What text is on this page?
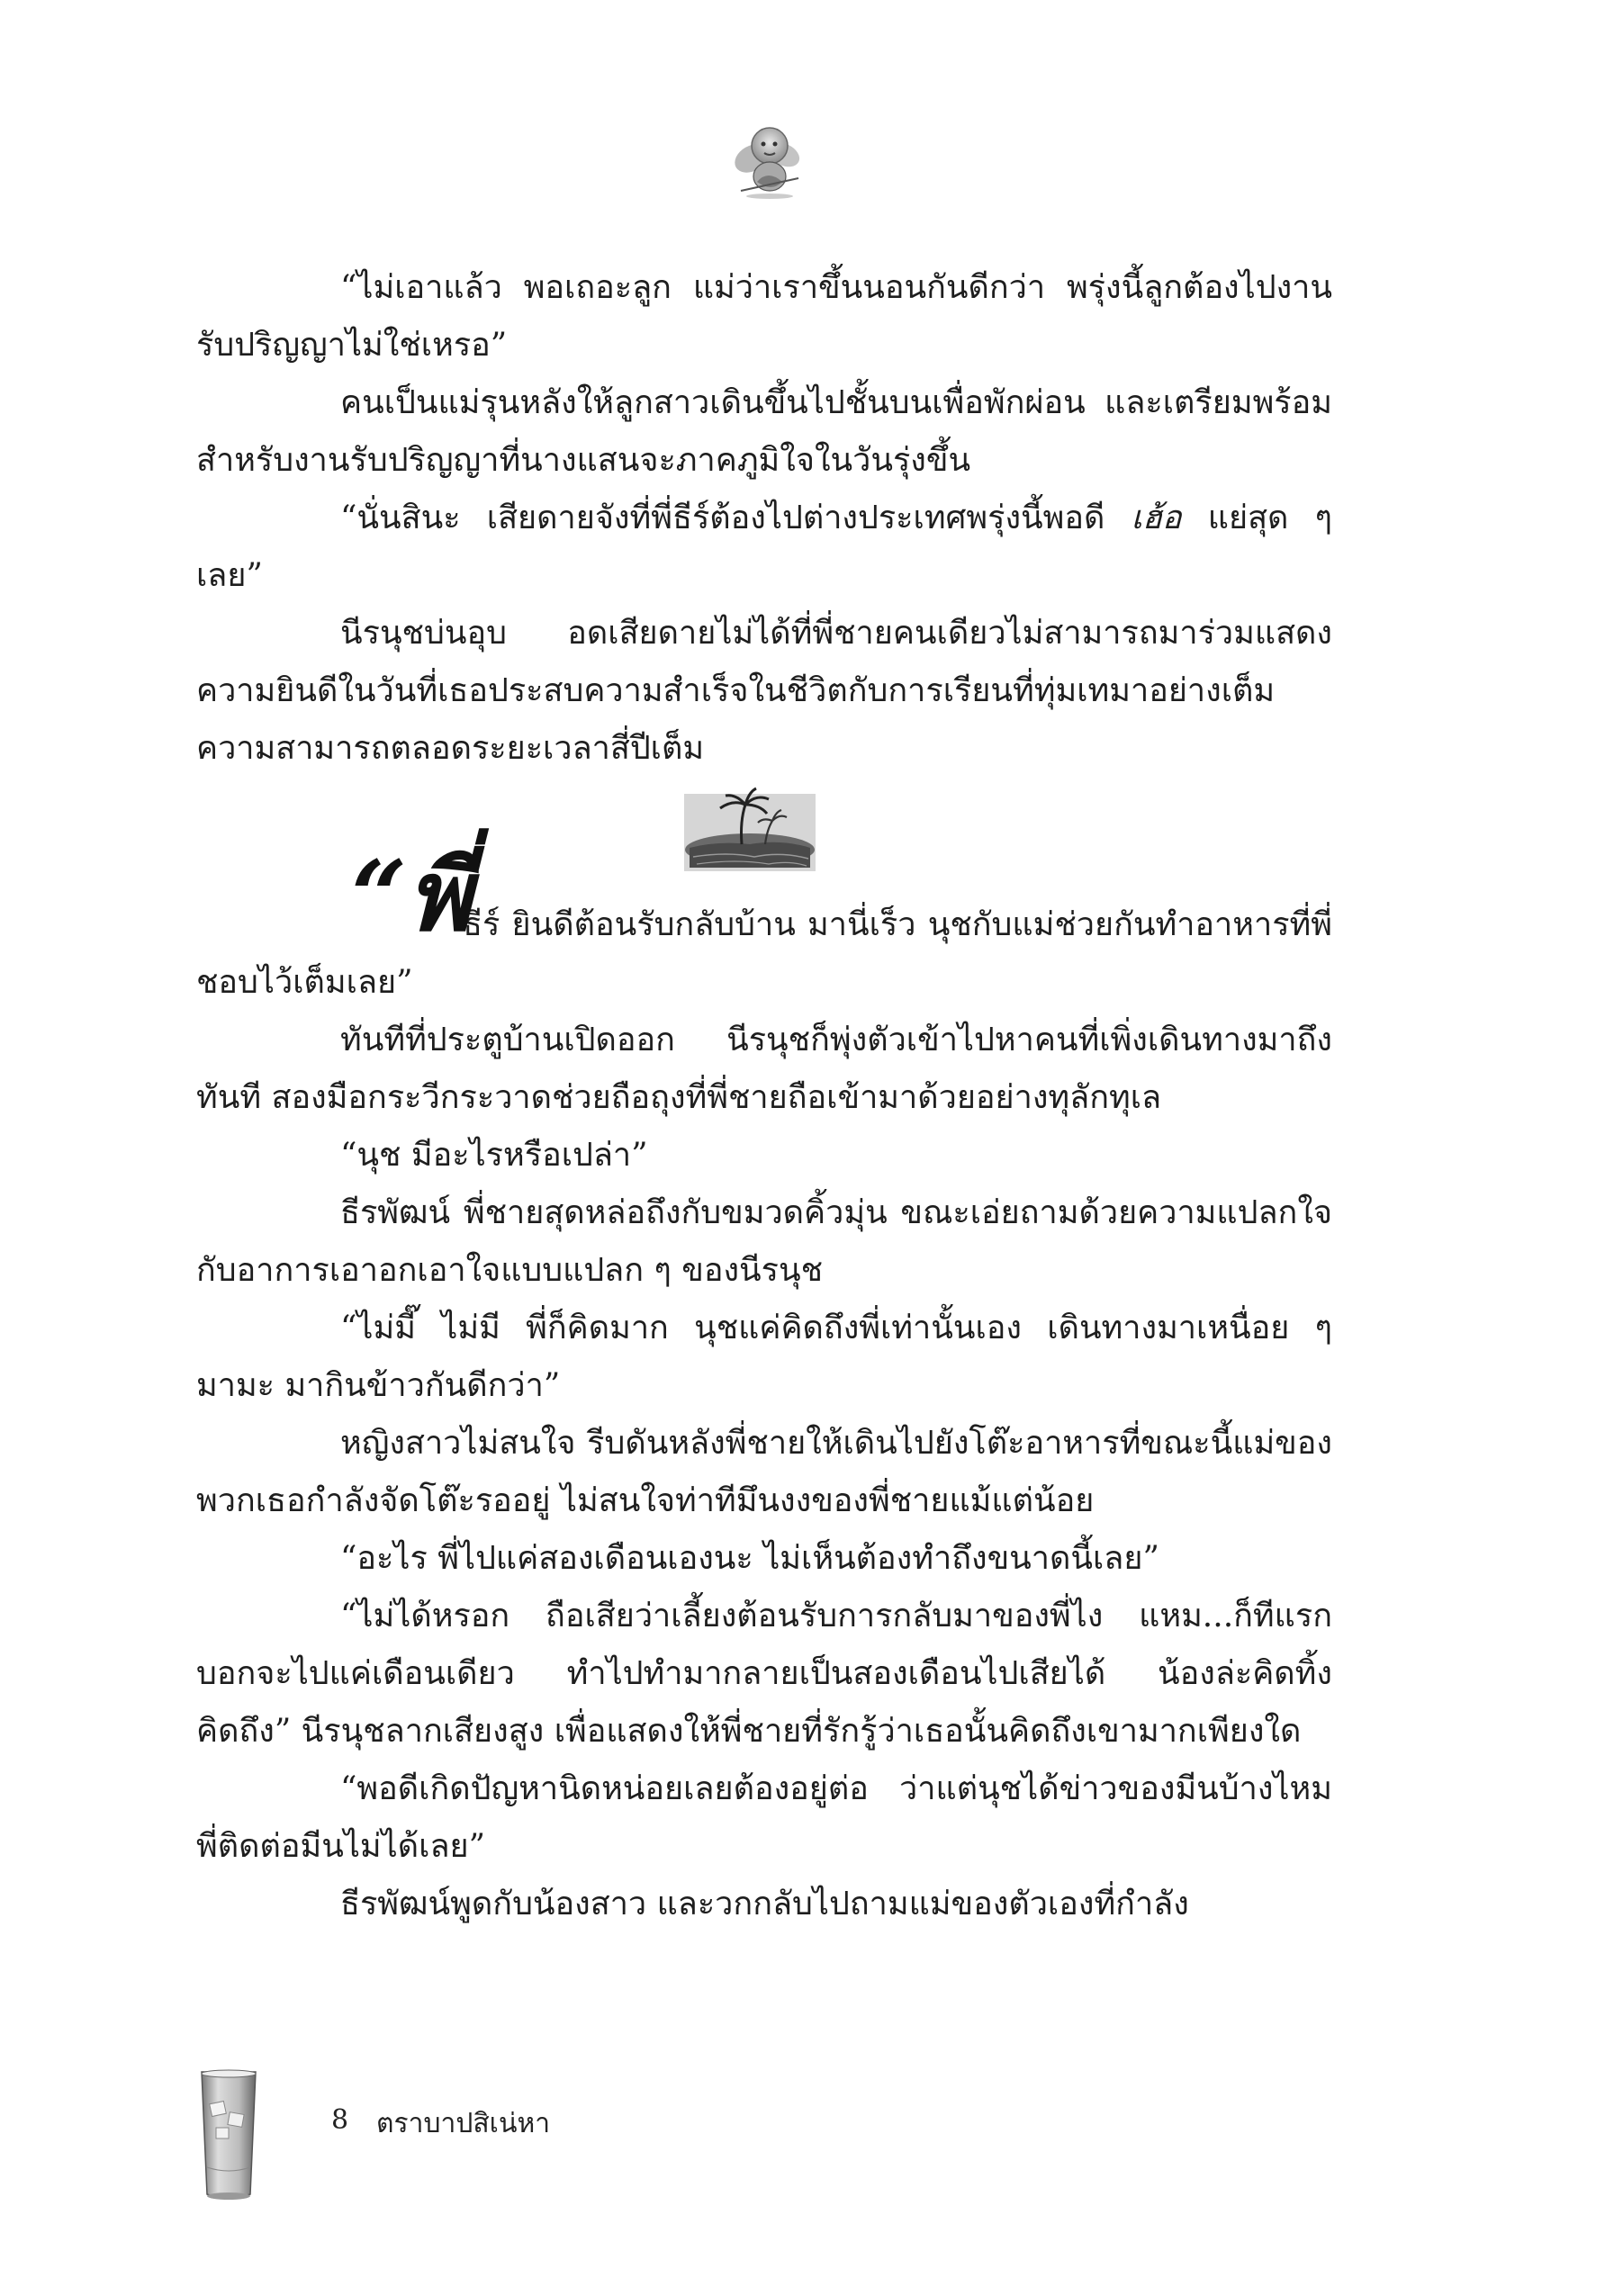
“ไม่เอาแล้ว พอเถอะลูก แม่ว่าเราขึ้นนอนกันดีกว่า พรุ่งนี้ลูกต้องไปงานรับปริญญาไม่ใช่เหรอ”

คนเป็นแม่รุนหลังให้ลูกสาวเดินขึ้นไปชั้นบนเพื่อพักผ่อน และเตรียมพร้อมสำหรับงานรับปริญญาที่นางแสนจะภาคภูมิใจในวันรุ่งขึ้น

“นั่นสินะ เสียดายจังที่พี่ธีร์ต้องไปต่างประเทศพรุ่งนี้พอดี เฮ้อ แย่สุด ๆ เลย”

นีรนุชบ่นอุบ อดเสียดายไม่ได้ที่พี่ชายคนเดียวไม่สามารถมาร่วมแสดงความยินดีในวันที่เธอประสบความสำเร็จในชีวิตกับการเรียนที่ทุ่มเทมาอย่างเต็มความสามารถตลอดระยะเวลาสี่ปีเต็ม

“พี่

ธีร์ ยินดีต้อนรับกลับบ้าน มานี่เร็ว นุชกับแม่ช่วยกันทำอาหารที่พี่ชอบไว้เต็มเลย”

ทันทีที่ประตูบ้านเปิดออก นีรนุชก็พุ่งตัวเข้าไปหาคนที่เพิ่งเดินทางมาถึงทันที สองมือกระวีกระวาดช่วยถือถุงที่พี่ชายถือเข้ามาด้วยอย่างทุลักทุเล

“นุช มีอะไรหรือเปล่า”

ธีรพัฒน์ พี่ชายสุดหล่อถึงกับขมวดคิ้วมุ่น ขณะเอ่ยถามด้วยความแปลกใจกับอาการเอาอกเอาใจแบบแปลก ๆ ของนีรนุช

“ไม่มี๊ ไม่มี พี่ก็คิดมาก นุชแค่คิดถึงพี่เท่านั้นเอง เดินทางมาเหนื่อย ๆ มามะ มากินข้าวกันดีกว่า”

หญิงสาวไม่สนใจ รีบดันหลังพี่ชายให้เดินไปยังโต๊ะอาหารที่ขณะนี้แม่ของพวกเธอกำลังจัดโต๊ะรออยู่ ไม่สนใจท่าทีมึนงงของพี่ชายแม้แต่น้อย

“อะไร พี่ไปแค่สองเดือนเองนะ ไม่เห็นต้องทำถึงขนาดนี้เลย”

“ไม่ได้หรอก ถือเสียว่าเลี้ยงต้อนรับการกลับมาของพี่ไง แหม...ก็ทีแรกบอกจะไปแค่เดือนเดียว ทำไปทำมากลายเป็นสองเดือนไปเสียได้ น้องล่ะคิดทิ้ง คิดถึง” นีรนุชลากเสียงสูง เพื่อแสดงให้พี่ชายที่รักรู้ว่าเธอนั้นคิดถึงเขามากเพียงใด

“พอดีเกิดปัญหานิดหน่อยเลยต้องอยู่ต่อ ว่าแต่นุชได้ข่าวของมีนบ้างไหม พี่ติดต่อมีนไม่ได้เลย”

ธีรพัฒน์พูดกับน้องสาว และวกกลับไปถามแม่ของตัวเองที่กำลัง

8 ตราบาปสิเน่หา
